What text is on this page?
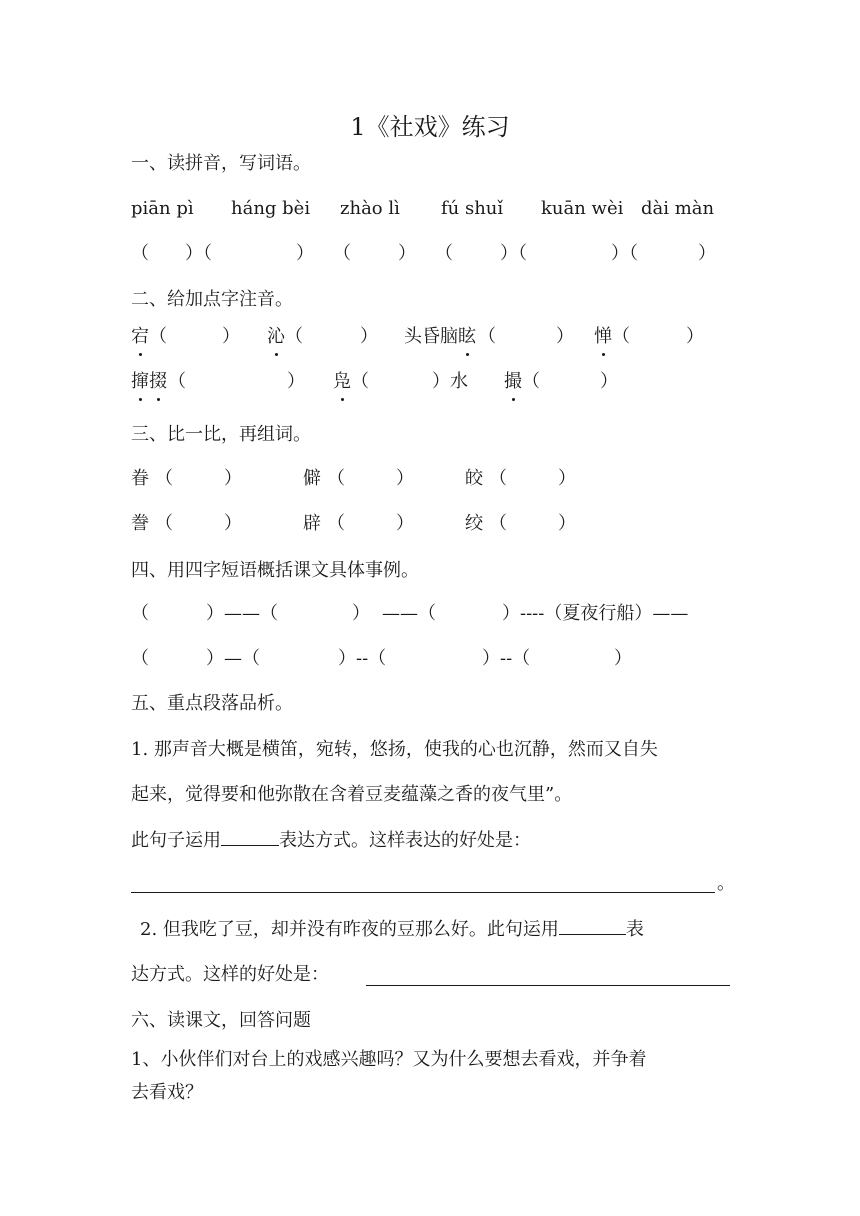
1《社戏》练习
一、读拼音，写词语。
piān pì háng bèi zhào lì fú shuǐ kuān wèi dài màn
（ ）（	） （	） （	）（	）（	）
二、给加点字注音。
宕 （	） 沁 （	） 头昏脑 眩 （	） 惮 （	）
撺掇 （	） 凫 （	）水 撮 （	）
三、比一比，再组词。
眷 （	）	僻 （	）	皎 （	）
誊 （	）	辟 （	）	绞 （	）
四、用四字短语概括课文具体事例。
（	）——（	） ——（	）----（夏夜行船）——
（	）—（	）--（	）--（	）
五、重点段落品析。
1. 那声音大概是横笛，宛转，悠扬，使我的心也沉静，然而又自失
起来，觉得要和他弥散在含着豆麦蕴藻之香的夜气里”。
此句子运用	表达方式。这样表达的好处是：
。
2. 但我吃了豆，却并没有昨夜的豆那么好。此句运用	表
达方式。这样的好处是：
六、读课文，回答问题
1、小伙伴们对台上的戏感兴趣吗？又为什么要想去看戏，并争着
去看戏？
